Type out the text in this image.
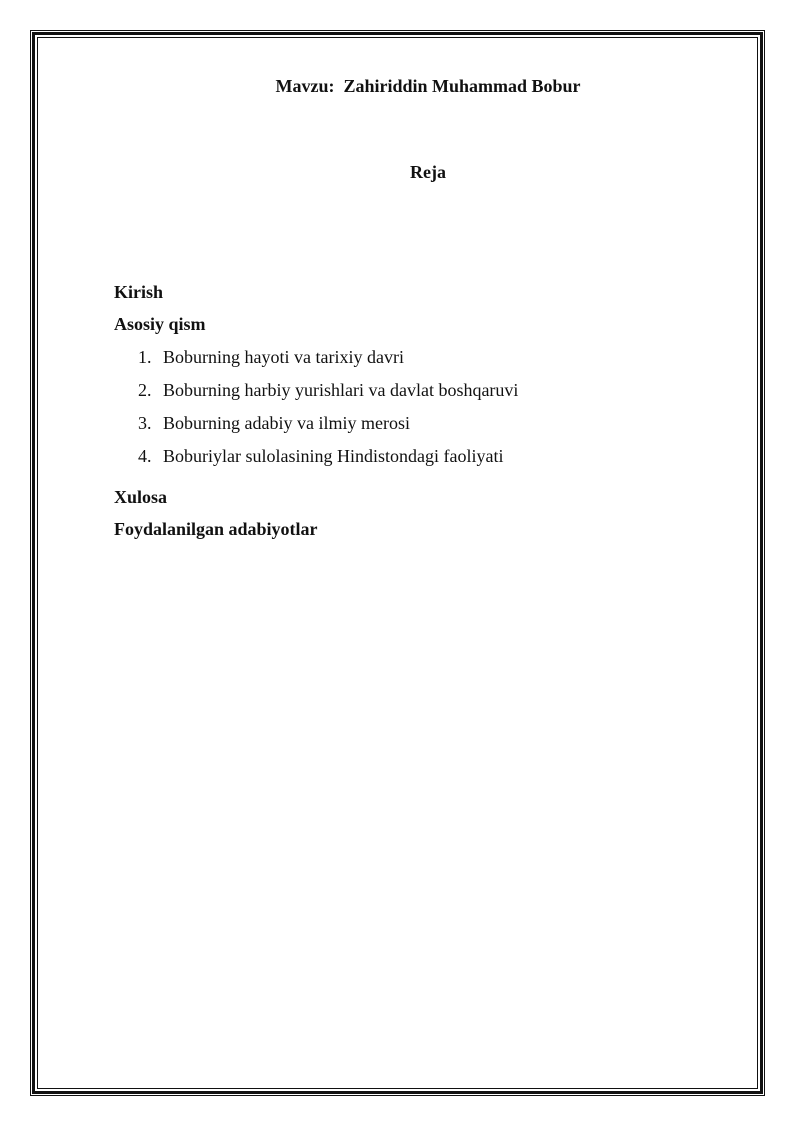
Mavzu:  Zahiriddin Muhammad Bobur
Reja
Kirish
Asosiy qism
1. Boburning hayoti va tarixiy davri
2. Boburning harbiy yurishlari va davlat boshqaruvi
3. Boburning adabiy va ilmiy merosi
4. Boburiylar sulolasining Hindistondagi faoliyati
Xulosa
Foydalanilgan adabiyotlar
